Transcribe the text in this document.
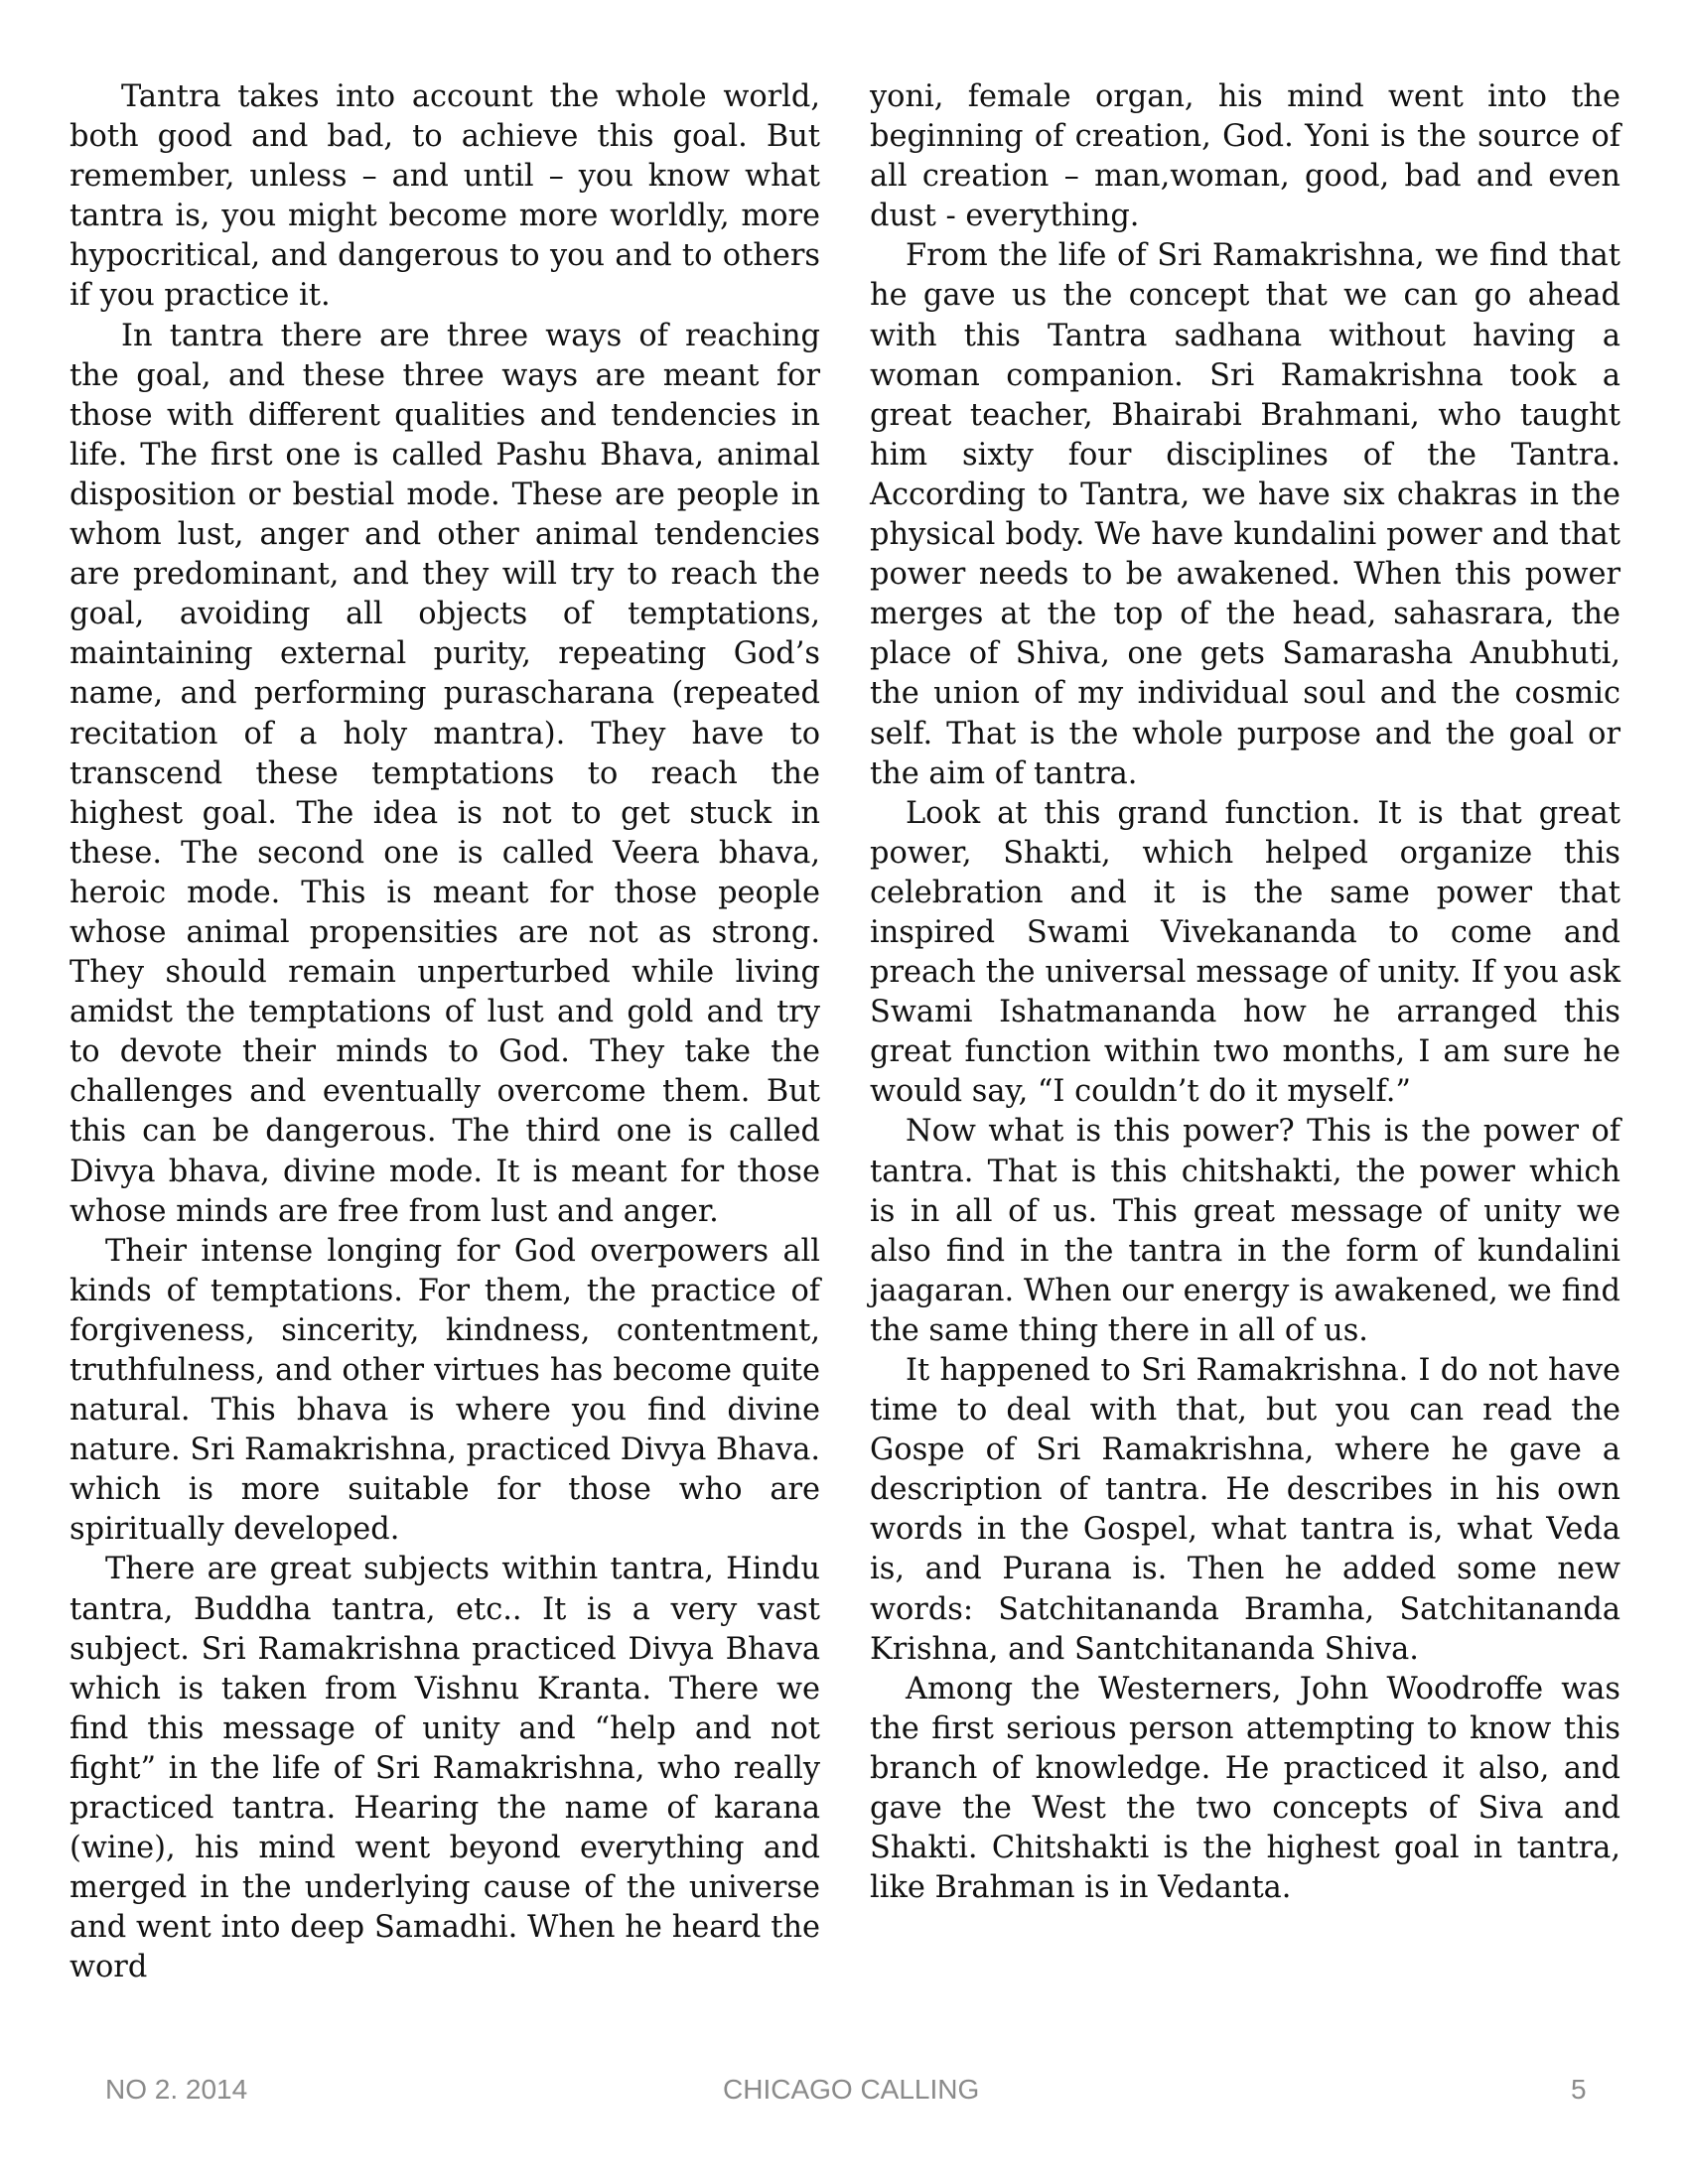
Tantra takes into account the whole world, both good and bad, to achieve this goal. But remember, unless – and until – you know what tantra is, you might become more worldly, more hypocritical, and dangerous to you and to others if you practice it.

In tantra there are three ways of reaching the goal, and these three ways are meant for those with different qualities and tendencies in life. The first one is called Pashu Bhava, animal disposition or bestial mode. These are people in whom lust, anger and other animal tendencies are predominant, and they will try to reach the goal, avoiding all objects of temptations, maintaining external purity, repeating God’s name, and performing purascharana (repeated recitation of a holy mantra). They have to transcend these temptations to reach the highest goal. The idea is not to get stuck in these. The second one is called Veera bhava, heroic mode. This is meant for those people whose animal propensities are not as strong. They should remain unperturbed while living amidst the temptations of lust and gold and try to devote their minds to God. They take the challenges and eventually overcome them. But this can be dangerous. The third one is called Divya bhava, divine mode. It is meant for those whose minds are free from lust and anger.

Their intense longing for God overpowers all kinds of temptations. For them, the practice of forgiveness, sincerity, kindness, contentment, truthfulness, and other virtues has become quite natural. This bhava is where you find divine nature. Sri Ramakrishna, practiced Divya Bhava. which is more suitable for those who are spiritually developed.

There are great subjects within tantra, Hindu tantra, Buddha tantra, etc.. It is a very vast subject. Sri Ramakrishna practiced Divya Bhava which is taken from Vishnu Kranta. There we find this message of unity and “help and not fight” in the life of Sri Ramakrishna, who really practiced tantra. Hearing the name of karana (wine), his mind went beyond everything and merged in the underlying cause of the universe and went into deep Samadhi. When he heard the word

yoni, female organ, his mind went into the beginning of creation, God. Yoni is the source of all creation – man,woman, good, bad and even dust - everything.

From the life of Sri Ramakrishna, we find that he gave us the concept that we can go ahead with this Tantra sadhana without having a woman companion. Sri Ramakrishna took a great teacher, Bhairabi Brahmani, who taught him sixty four disciplines of the Tantra. According to Tantra, we have six chakras in the physical body. We have kundalini power and that power needs to be awakened. When this power merges at the top of the head, sahasrara, the place of Shiva, one gets Samarasha Anubhuti, the union of my individual soul and the cosmic self. That is the whole purpose and the goal or the aim of tantra.

Look at this grand function. It is that great power, Shakti, which helped organize this celebration and it is the same power that inspired Swami Vivekananda to come and preach the universal message of unity. If you ask Swami Ishatmananda how he arranged this great function within two months, I am sure he would say, “I couldn’t do it myself.”

Now what is this power? This is the power of tantra. That is this chitshakti, the power which is in all of us. This great message of unity we also find in the tantra in the form of kundalini jaagaran. When our energy is awakened, we find the same thing there in all of us.

It happened to Sri Ramakrishna. I do not have time to deal with that, but you can read the Gospe of Sri Ramakrishna, where he gave a description of tantra. He describes in his own words in the Gospel, what tantra is, what Veda is, and Purana is. Then he added some new words: Satchitananda Bramha, Satchitananda Krishna, and Santchitananda Shiva.

Among the Westerners, John Woodroffe was the first serious person attempting to know this branch of knowledge. He practiced it also, and gave the West the two concepts of Siva and Shakti. Chitshakti is the highest goal in tantra, like Brahman is in Vedanta.

NO 2. 2014	CHICAGO CALLING	5
